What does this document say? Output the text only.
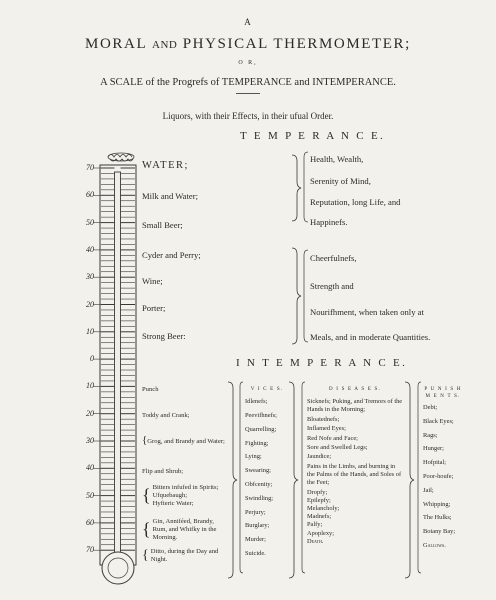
A
MORAL AND PHYSICAL THERMOMETER;
O R,
A SCALE of the Progrefs of TEMPERANCE and INTEMPERANCE.
Liquors, with their Effects, in their ufual Order.
70
60
50
40
30
20
10
0
10
20
30
40
50
60
70
T E M P E R A N C E.
WATER;
Milk and Water;
Small Beer;
Cyder and Perry;
Wine;
Porter;
Strong Beer:
Health, Wealth,
Serenity of Mind,
Reputation, long Life, and
Happinefs.
Cheerfulnefs,
Strength and
Nourifhment, when taken only at
Meals, and in moderate Quantities.
I N T E M P E R A N C E.
Punch
Toddy and Crank;
{Grog, and Brandy and Water;
Flip and Shrub;
{ Bitters infufed in Spirits;
Ufquebaugh;
Hyfteric Water;
{ Gin, Anniféed, Brandy, Rum, and Whifky in the Morning.
{ Ditto, during the Day and Night.
V I C E S.
Idlenefs;
Peevifhnefs;
Quarrelling;
Fighting;
Lying;
Swearing;
Obfcenity;
Swindling;
Perjury;
Burglary;
Murder;
Suicide.
D I S E A S E S.
Sicknefs; Puking, and Tremors of the Hands in the Morning;
Bloatednefs;
Inflamed Eyes;
Red Nofe and Face;
Sore and Swelled Legs;
Jaundice;
Pains in the Limbs, and burning in the Palms of the Hands, and Soles of the Feet;
Dropfy;
Epilepfy;
Melancholy;
Madnefs;
Palfy;
Apoplexy;
Death.
P U N I S H M E N T S.
Debt;
Black Eyes;
Rags;
Hunger;
Hofpital;
Poor-houfe;
Jail;
Whipping;
The Hulks;
Botany Bay;
Gallows.
